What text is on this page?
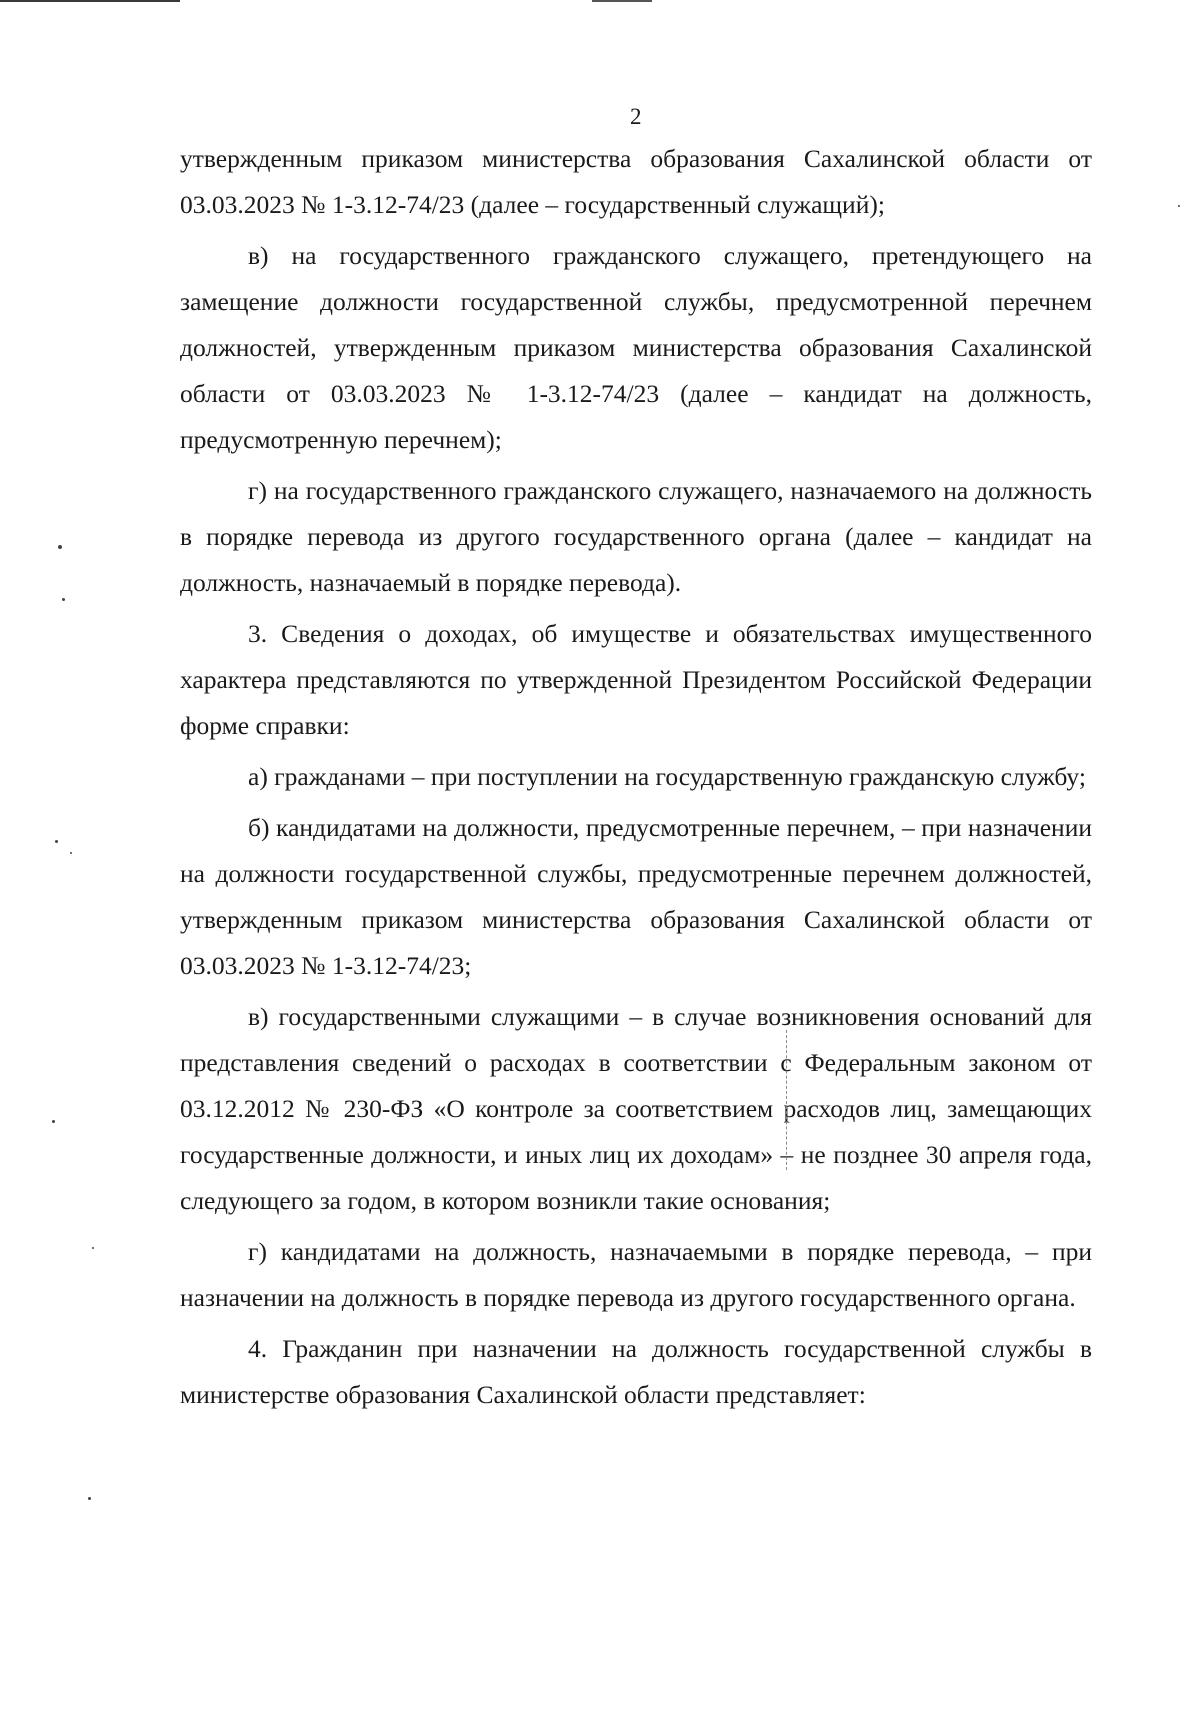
2

утвержденным приказом министерства образования Сахалинской области от 03.03.2023 № 1-3.12-74/23 (далее – государственный служащий);

в) на государственного гражданского служащего, претендующего на замещение должности государственной службы, предусмотренной перечнем должностей, утвержденным приказом министерства образования Сахалинской области от 03.03.2023 № 1-3.12-74/23 (далее – кандидат на должность, предусмотренную перечнем);

г) на государственного гражданского служащего, назначаемого на должность в порядке перевода из другого государственного органа (далее – кандидат на должность, назначаемый в порядке перевода).

3. Сведения о доходах, об имуществе и обязательствах имущественного характера представляются по утвержденной Президентом Российской Федерации форме справки:

а) гражданами – при поступлении на государственную гражданскую службу;

б) кандидатами на должности, предусмотренные перечнем, – при назначении на должности государственной службы, предусмотренные перечнем должностей, утвержденным приказом министерства образования Сахалинской области от 03.03.2023 № 1-3.12-74/23;

в) государственными служащими – в случае возникновения оснований для представления сведений о расходах в соответствии с Федеральным законом от 03.12.2012 № 230-ФЗ «О контроле за соответствием расходов лиц, замещающих государственные должности, и иных лиц их доходам» – не позднее 30 апреля года, следующего за годом, в котором возникли такие основания;

г) кандидатами на должность, назначаемыми в порядке перевода, – при назначении на должность в порядке перевода из другого государственного органа.

4. Гражданин при назначении на должность государственной службы в министерстве образования Сахалинской области представляет:
